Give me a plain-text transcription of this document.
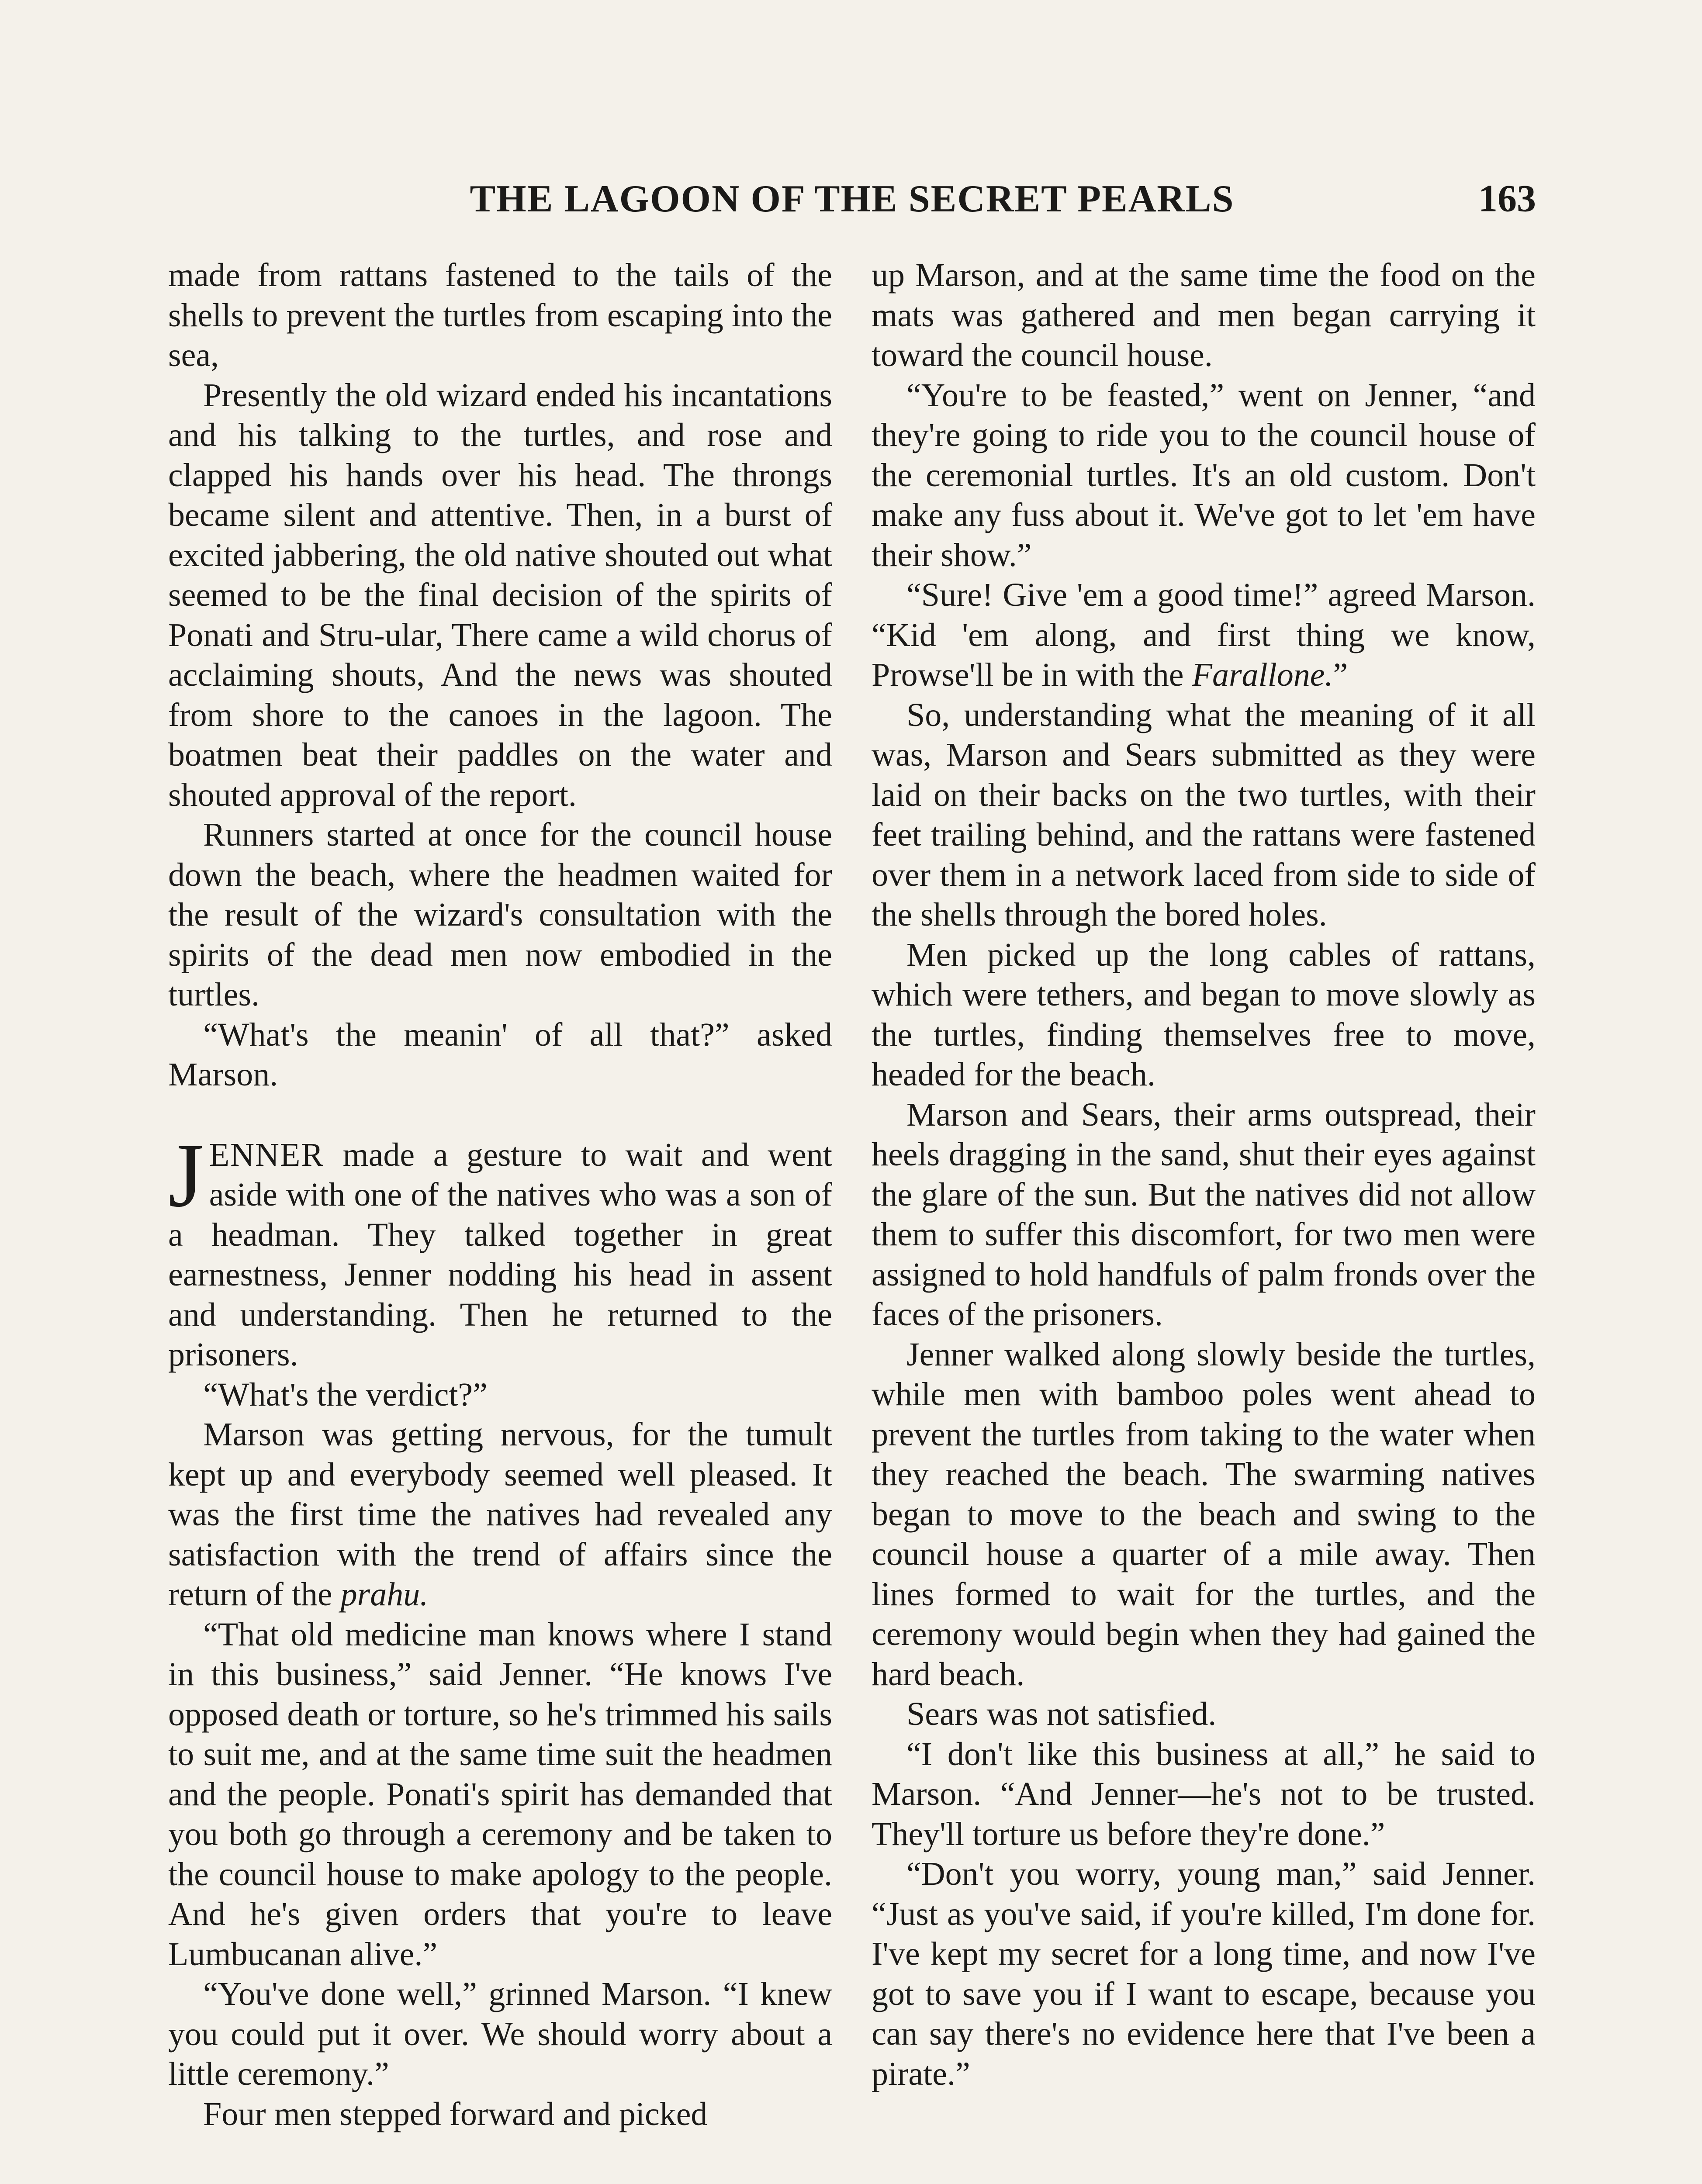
THE LAGOON OF THE SECRET PEARLS	163

made from rattans fastened to the tails of the shells to prevent the turtles from escaping into the sea,

Presently the old wizard ended his incantations and his talking to the turtles, and rose and clapped his hands over his head. The throngs became silent and attentive. Then, in a burst of excited jabbering, the old native shouted out what seemed to be the final decision of the spirits of Ponati and Stru-ular, There came a wild chorus of acclaiming shouts, And the news was shouted from shore to the canoes in the lagoon. The boatmen beat their paddles on the water and shouted approval of the report.

Runners started at once for the council house down the beach, where the headmen waited for the result of the wizard's consultation with the spirits of the dead men now embodied in the turtles.

“What's the meanin' of all that?” asked Marson.

JENNER made a gesture to wait and went aside with one of the natives who was a son of a headman. They talked together in great earnestness, Jenner nodding his head in assent and understanding. Then he returned to the prisoners.

“What's the verdict?”

Marson was getting nervous, for the tumult kept up and everybody seemed well pleased. It was the first time the natives had revealed any satisfaction with the trend of affairs since the return of the prahu.

“That old medicine man knows where I stand in this business,” said Jenner. “He knows I've opposed death or torture, so he's trimmed his sails to suit me, and at the same time suit the headmen and the people. Ponati's spirit has demanded that you both go through a ceremony and be taken to the council house to make apology to the people. And he's given orders that you're to leave Lumbucanan alive.”

“You've done well,” grinned Marson. “I knew you could put it over. We should worry about a little ceremony.”

Four men stepped forward and picked

up Marson, and at the same time the food on the mats was gathered and men began carrying it toward the council house.

“You're to be feasted,” went on Jenner, “and they're going to ride you to the council house of the ceremonial turtles. It's an old custom. Don't make any fuss about it. We've got to let 'em have their show.”

“Sure! Give 'em a good time!” agreed Marson. “Kid 'em along, and first thing we know, Prowse'll be in with the Farallone.”

So, understanding what the meaning of it all was, Marson and Sears submitted as they were laid on their backs on the two turtles, with their feet trailing behind, and the rattans were fastened over them in a network laced from side to side of the shells through the bored holes.

Men picked up the long cables of rattans, which were tethers, and began to move slowly as the turtles, finding themselves free to move, headed for the beach.

Marson and Sears, their arms outspread, their heels dragging in the sand, shut their eyes against the glare of the sun. But the natives did not allow them to suffer this discomfort, for two men were assigned to hold handfuls of palm fronds over the faces of the prisoners.

Jenner walked along slowly beside the turtles, while men with bamboo poles went ahead to prevent the turtles from taking to the water when they reached the beach. The swarming natives began to move to the beach and swing to the council house a quarter of a mile away. Then lines formed to wait for the turtles, and the ceremony would begin when they had gained the hard beach.

Sears was not satisfied.

“I don't like this business at all,” he said to Marson. “And Jenner—he's not to be trusted. They'll torture us before they're done.”

“Don't you worry, young man,” said Jenner. “Just as you've said, if you're killed, I'm done for. I've kept my secret for a long time, and now I've got to save you if I want to escape, because you can say there's no evidence here that I've been a pirate.”
